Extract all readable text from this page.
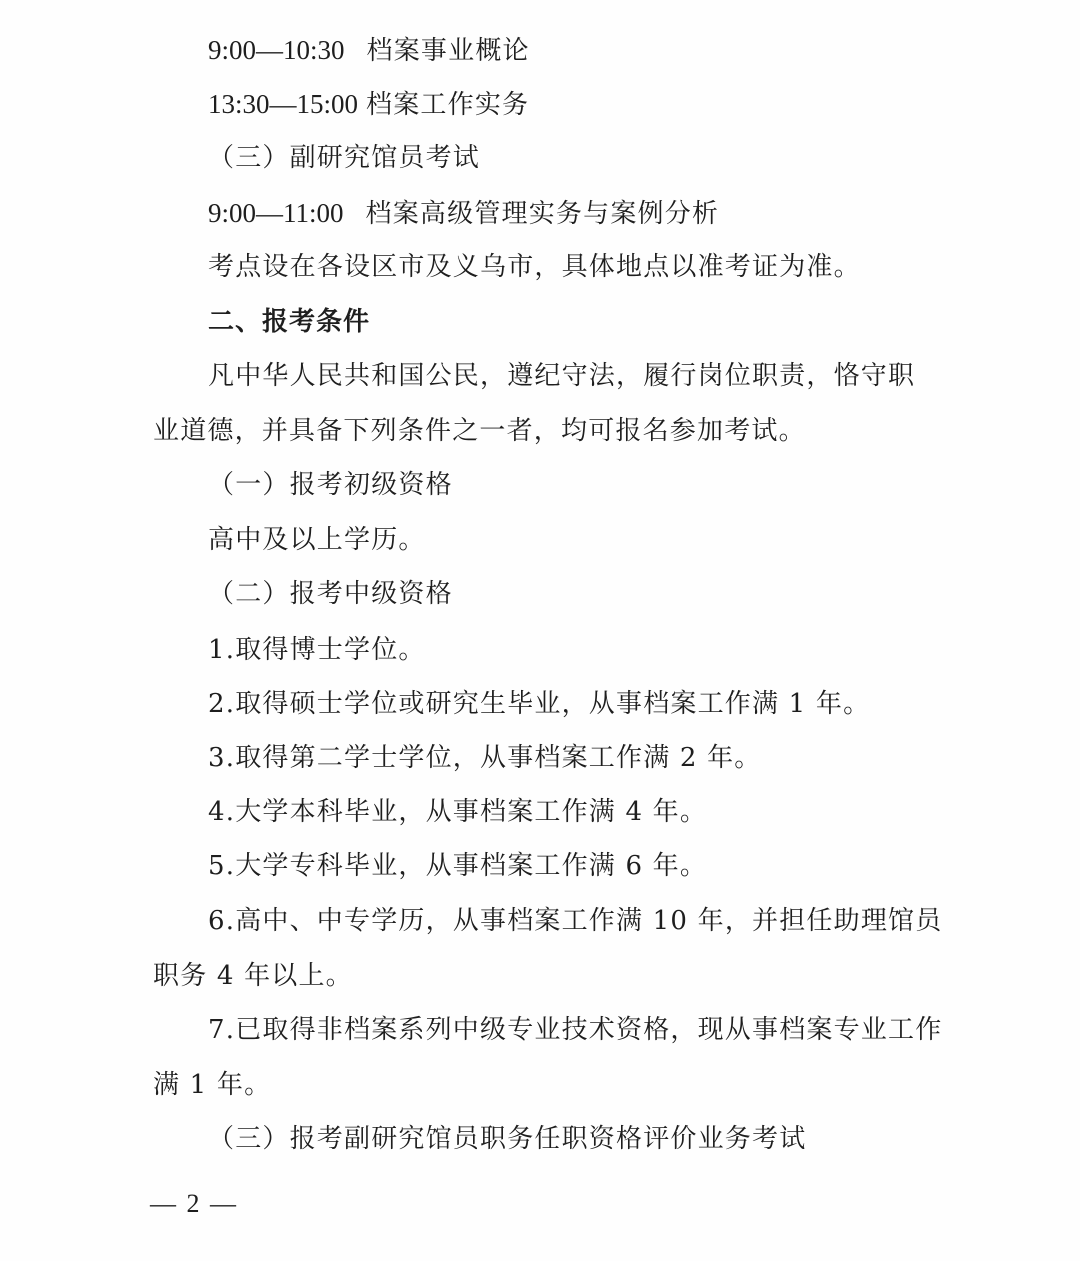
9:00—10:30 档案事业概论
13:30—15:00 档案工作实务
（三）副研究馆员考试
9:00—11:00 档案高级管理实务与案例分析
考点设在各设区市及义乌市，具体地点以准考证为准。
二、报考条件
凡中华人民共和国公民，遵纪守法，履行岗位职责，恪守职
业道德，并具备下列条件之一者，均可报名参加考试。
（一）报考初级资格
高中及以上学历。
（二）报考中级资格
1.取得博士学位。
2.取得硕士学位或研究生毕业，从事档案工作满 1 年。
3.取得第二学士学位，从事档案工作满 2 年。
4.大学本科毕业，从事档案工作满 4 年。
5.大学专科毕业，从事档案工作满 6 年。
6.高中、中专学历，从事档案工作满 10 年，并担任助理馆员
职务 4 年以上。
7.已取得非档案系列中级专业技术资格，现从事档案专业工作
满 1 年。
（三）报考副研究馆员职务任职资格评价业务考试
— 2 —
